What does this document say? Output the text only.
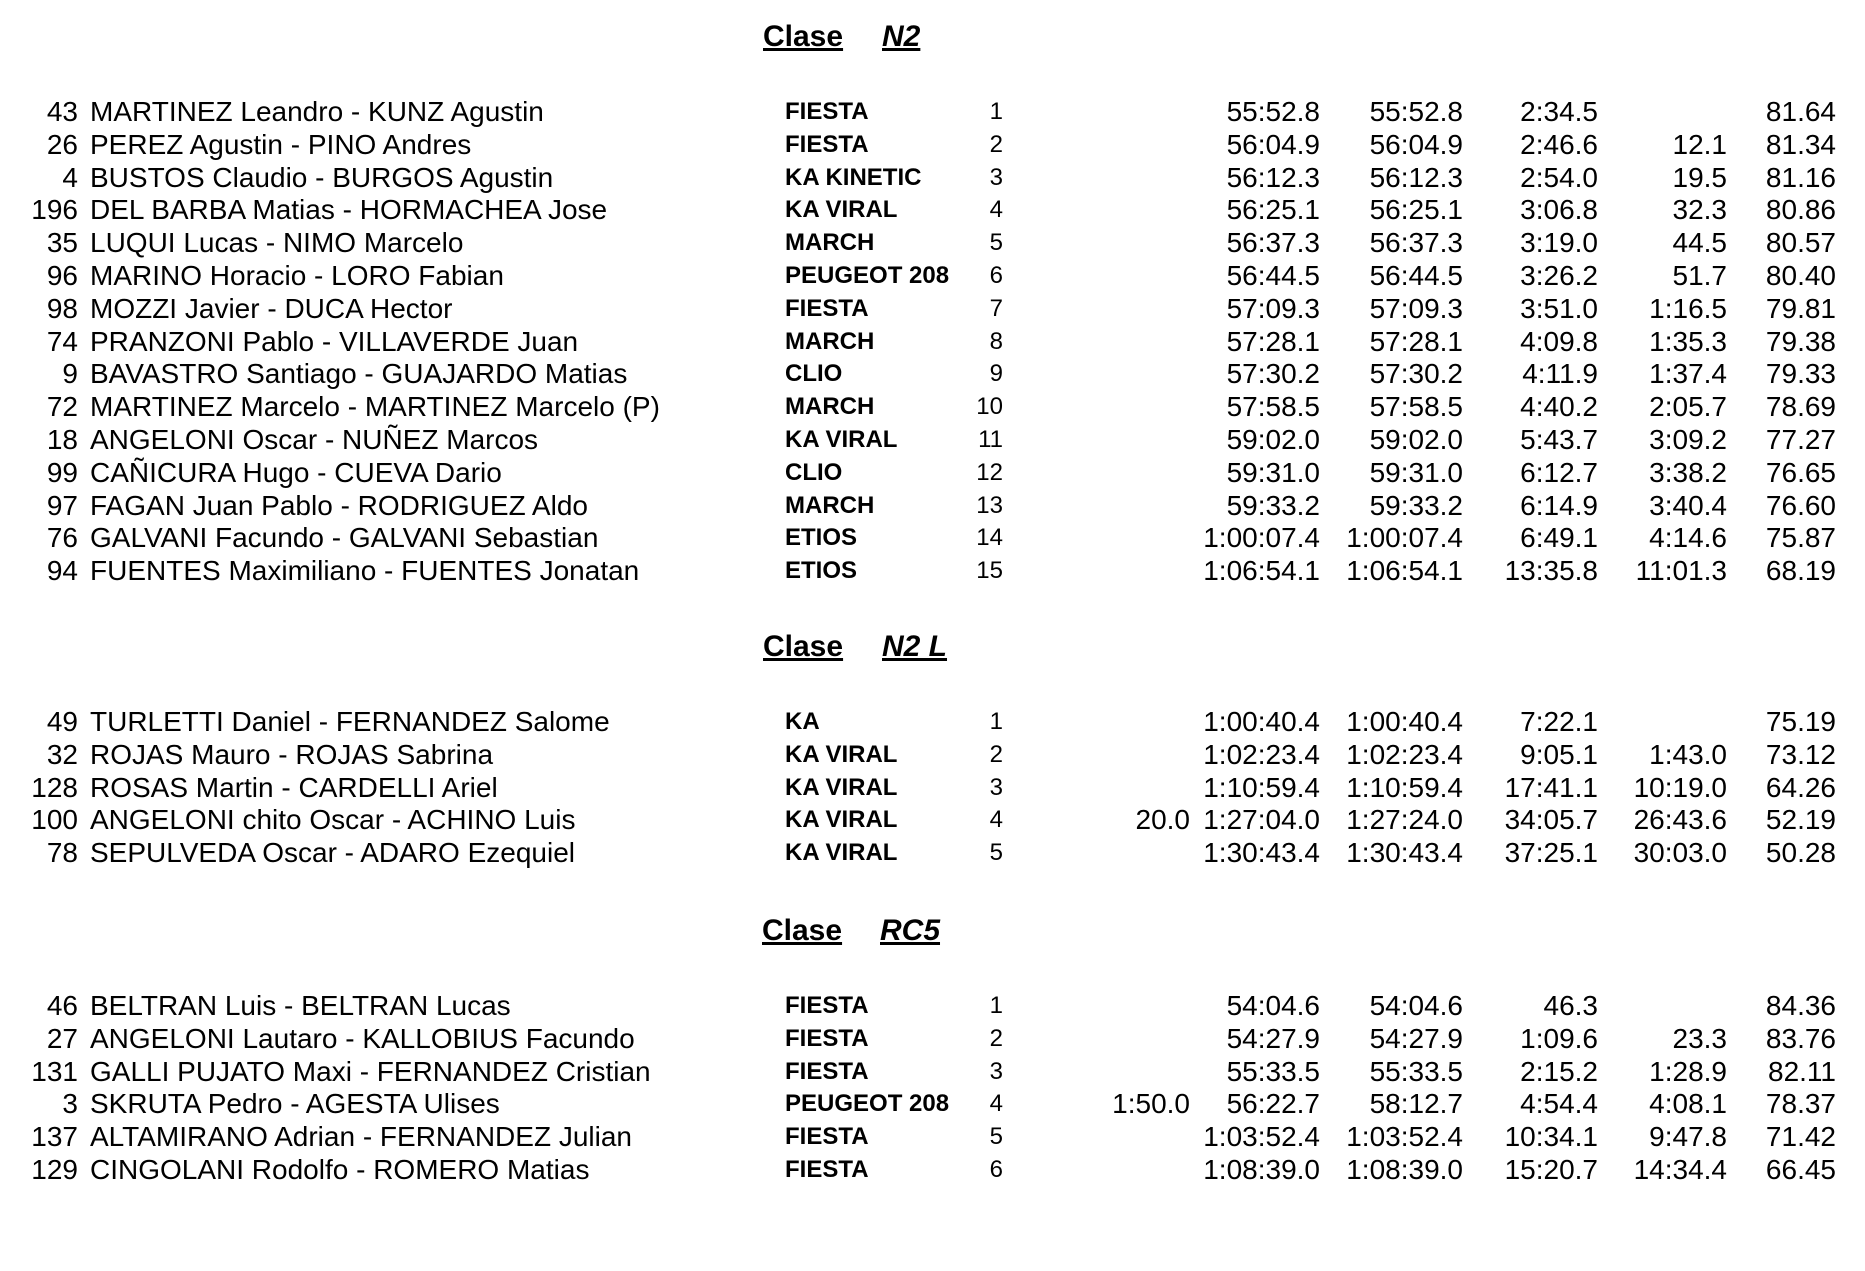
Clase N2
43 MARTINEZ Leandro - KUNZ Agustin	FIESTA	1	55:52.8 55:52.8 2:34.5	81.64
26 PEREZ Agustin - PINO Andres	FIESTA	2	56:04.9 56:04.9 2:46.6	12.1 81.34
4 BUSTOS Claudio - BURGOS Agustin	KA KINETIC	3	56:12.3 56:12.3 2:54.0	19.5 81.16
196 DEL BARBA Matias - HORMACHEA Jose	KA VIRAL	4	56:25.1 56:25.1 3:06.8	32.3 80.86
35 LUQUI Lucas - NIMO Marcelo	MARCH	5	56:37.3 56:37.3 3:19.0	44.5 80.57
96 MARINO Horacio - LORO Fabian	PEUGEOT 208 6	56:44.5 56:44.5 3:26.2	51.7 80.40
98 MOZZI Javier - DUCA Hector	FIESTA	7	57:09.3 57:09.3 3:51.0 1:16.5 79.81
74 PRANZONI Pablo - VILLAVERDE Juan	MARCH	8	57:28.1 57:28.1 4:09.8 1:35.3 79.38
9 BAVASTRO Santiago - GUAJARDO Matias	CLIO	9	57:30.2 57:30.2 4:11.9 1:37.4 79.33
72 MARTINEZ Marcelo - MARTINEZ Marcelo (P)	MARCH	10	57:58.5 57:58.5 4:40.2 2:05.7 78.69
18 ANGELONI Oscar - NUÑEZ Marcos	KA VIRAL	11	59:02.0 59:02.0 5:43.7 3:09.2 77.27
99 CAÑICURA Hugo - CUEVA Dario	CLIO	12	59:31.0 59:31.0 6:12.7 3:38.2 76.65
97 FAGAN Juan Pablo - RODRIGUEZ Aldo	MARCH	13	59:33.2 59:33.2 6:14.9 3:40.4 76.60
76 GALVANI Facundo - GALVANI Sebastian	ETIOS	14	1:00:07.4 1:00:07.4 6:49.1 4:14.6 75.87
94 FUENTES Maximiliano - FUENTES Jonatan	ETIOS	15	1:06:54.1 1:06:54.1 13:35.8 11:01.3 68.19
Clase N2 L
49 TURLETTI Daniel - FERNANDEZ Salome	KA	1	1:00:40.4 1:00:40.4 7:22.1	75.19
32 ROJAS Mauro - ROJAS Sabrina	KA VIRAL	2	1:02:23.4 1:02:23.4 9:05.1 1:43.0 73.12
128 ROSAS Martin - CARDELLI Ariel	KA VIRAL	3	1:10:59.4 1:10:59.4 17:41.1 10:19.0 64.26
100 ANGELONI chito Oscar - ACHINO Luis	KA VIRAL	4	20.0 1:27:04.0 1:27:24.0 34:05.7 26:43.6 52.19
78 SEPULVEDA Oscar - ADARO Ezequiel	KA VIRAL	5	1:30:43.4 1:30:43.4 37:25.1 30:03.0 50.28
Clase RC5
46 BELTRAN Luis - BELTRAN Lucas	FIESTA	1	54:04.6 54:04.6	46.3	84.36
27 ANGELONI Lautaro - KALLOBIUS Facundo	FIESTA	2	54:27.9 54:27.9 1:09.6	23.3 83.76
131 GALLI PUJATO Maxi - FERNANDEZ Cristian	FIESTA	3	55:33.5 55:33.5 2:15.2 1:28.9 82.11
3 SKRUTA Pedro - AGESTA Ulises	PEUGEOT 208 4	1:50.0 56:22.7 58:12.7 4:54.4 4:08.1 78.37
137 ALTAMIRANO Adrian - FERNANDEZ Julian	FIESTA	5	1:03:52.4 1:03:52.4 10:34.1 9:47.8 71.42
129 CINGOLANI Rodolfo - ROMERO Matias	FIESTA	6	1:08:39.0 1:08:39.0 15:20.7 14:34.4 66.45
